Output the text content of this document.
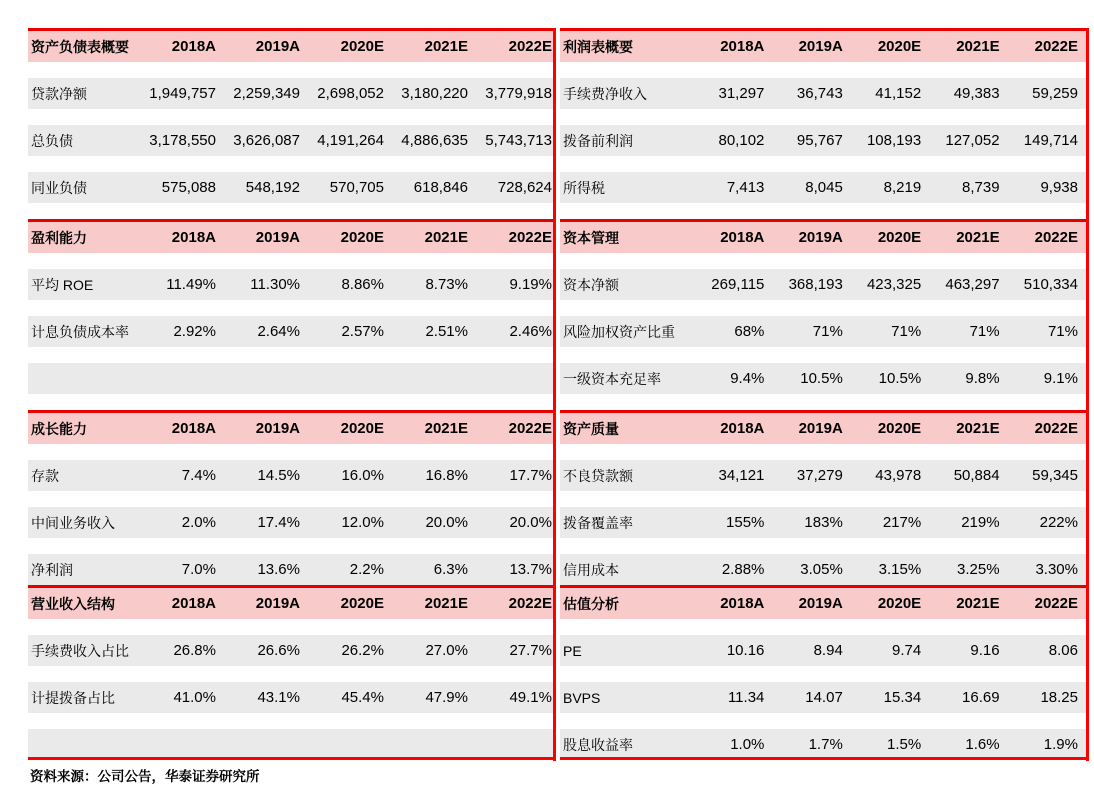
资产负债表概要	2018A	2019A	2020E	2021E	2022E
贷款净额	1,949,757	2,259,349	2,698,052	3,180,220	3,779,918
总负债	3,178,550	3,626,087	4,191,264	4,886,635	5,743,713
同业负债	575,088	548,192	570,705	618,846	728,624
盈利能力	2018A	2019A	2020E	2021E	2022E
平均 ROE	11.49%	11.30%	8.86%	8.73%	9.19%
计息负债成本率	2.92%	2.64%	2.57%	2.51%	2.46%
成长能力	2018A	2019A	2020E	2021E	2022E
存款	7.4%	14.5%	16.0%	16.8%	17.7%
中间业务收入	2.0%	17.4%	12.0%	20.0%	20.0%
净利润	7.0%	13.6%	2.2%	6.3%	13.7%
营业收入结构	2018A	2019A	2020E	2021E	2022E
手续费收入占比	26.8%	26.6%	26.2%	27.0%	27.7%
计提拨备占比	41.0%	43.1%	45.4%	47.9%	49.1%
利润表概要	2018A	2019A	2020E	2021E	2022E
手续费净收入	31,297	36,743	41,152	49,383	59,259
拨备前利润	80,102	95,767	108,193	127,052	149,714
所得税	7,413	8,045	8,219	8,739	9,938
资本管理	2018A	2019A	2020E	2021E	2022E
资本净额	269,115	368,193	423,325	463,297	510,334
风险加权资产比重	68%	71%	71%	71%	71%
一级资本充足率	9.4%	10.5%	10.5%	9.8%	9.1%
资产质量	2018A	2019A	2020E	2021E	2022E
不良贷款额	34,121	37,279	43,978	50,884	59,345
拨备覆盖率	155%	183%	217%	219%	222%
信用成本	2.88%	3.05%	3.15%	3.25%	3.30%
估值分析	2018A	2019A	2020E	2021E	2022E
PE	10.16	8.94	9.74	9.16	8.06
BVPS	11.34	14.07	15.34	16.69	18.25
股息收益率	1.0%	1.7%	1.5%	1.6%	1.9%
资料来源：公司公告，华泰证券研究所
